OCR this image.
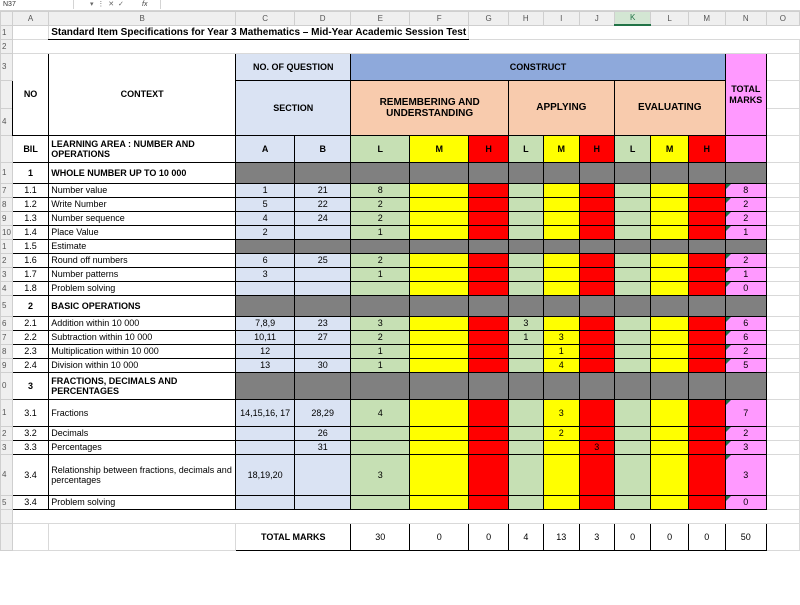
N37	▾  ⋮  ✕  ✓	fx
	A	B	C	D	E	F	G	H	I	J	K	L	M	N	O
1		Standard Item Specifications for Year 3 Mathematics – Mid-Year Academic Session Test													
2															
3	NO	CONTEXT	NO. OF QUESTION		CONSTRUCT									TOTAL MARKS	
			SECTION		REMEMBERING AND UNDERSTANDING			APPLYING			EVALUATING				
4															
	BIL	LEARNING AREA : NUMBER AND OPERATIONS	A	B	L	M	H	L	M	H	L	M	H		
1	1	WHOLE NUMBER UP TO 10 000													
7	1.1	Number value	1	21	8									8	
8	1.2	Write Number	5	22	2									2	
9	1.3	Number sequence	4	24	2									2	
10	1.4	Place Value	2		1									1	
1	1.5	Estimate													
2	1.6	Round off numbers	6	25	2									2	
3	1.7	Number patterns	3		1									1	
4	1.8	Problem solving												0	
5	2	BASIC OPERATIONS													
6	2.1	Addition within 10 000	7,8,9	23	3			3						6	
7	2.2	Subtraction within 10 000	10,11	27	2			1	3					6	
8	2.3	Multiplication within 10 000	12		1				1					2	
9	2.4	Division within 10 000	13	30	1				4					5	
0	3	FRACTIONS, DECIMALS AND PERCENTAGES													
1	3.1	Fractions	14,15,16, 17	28,29	4				3					7	
2	3.2	Decimals		26					2					2	
3	3.3	Percentages		31						3				3	
4	3.4	Relationship between fractions, decimals and percentages	18,19,20		3									3	
5	3.4	Problem solving												0	

			TOTAL MARKS		30	0	0	4	13	3	0	0	0	50	
